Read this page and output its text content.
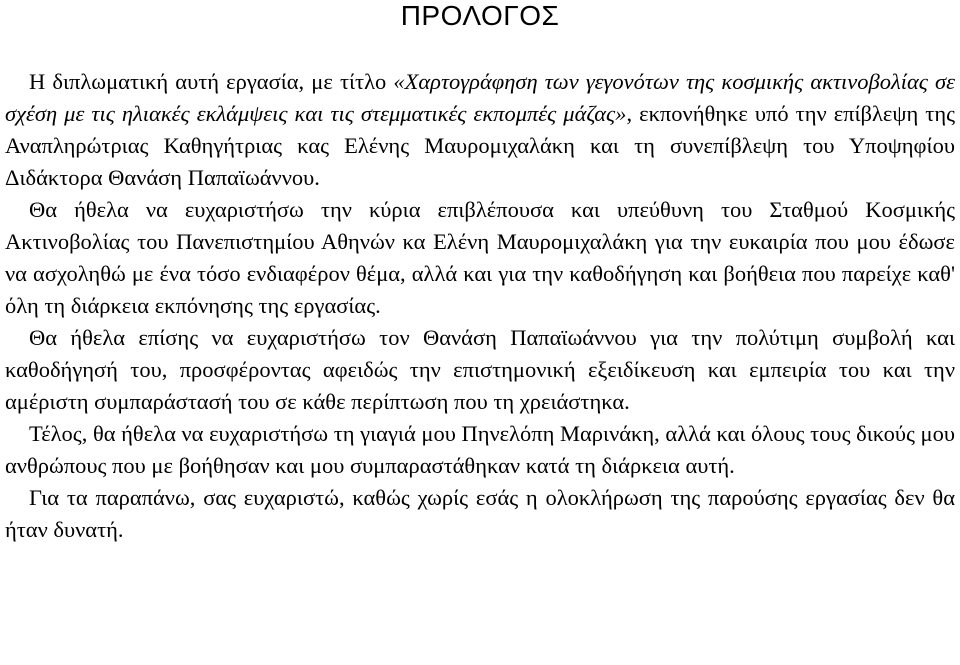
ΠΡΟΛΟΓΟΣ

Η διπλωματική αυτή εργασία, με τίτλο «Χαρτογράφηση των γεγονότων της κοσμικής ακτινοβολίας σε σχέση με τις ηλιακές εκλάμψεις και τις στεμματικές εκπομπές μάζας», εκπονήθηκε υπό την επίβλεψη της Αναπληρώτριας Καθηγήτριας κας Ελένης Μαυρομιχαλάκη και τη συνεπίβλεψη του Υποψηφίου Διδάκτορα Θανάση Παπαϊωάννου.

Θα ήθελα να ευχαριστήσω την κύρια επιβλέπουσα και υπεύθυνη του Σταθμού Κοσμικής Ακτινοβολίας του Πανεπιστημίου Αθηνών κα Ελένη Μαυρομιχαλάκη για την ευκαιρία που μου έδωσε να ασχοληθώ με ένα τόσο ενδιαφέρον θέμα, αλλά και για την καθοδήγηση και βοήθεια που παρείχε καθ' όλη τη διάρκεια εκπόνησης της εργασίας.

Θα ήθελα επίσης να ευχαριστήσω τον Θανάση Παπαϊωάννου για την πολύτιμη συμβολή και καθοδήγησή του, προσφέροντας αφειδώς την επιστημονική εξειδίκευση και εμπειρία του και την αμέριστη συμπαράστασή του σε κάθε περίπτωση που τη χρειάστηκα.

Τέλος, θα ήθελα να ευχαριστήσω τη γιαγιά μου Πηνελόπη Μαρινάκη, αλλά και όλους τους δικούς μου ανθρώπους που με βοήθησαν και μου συμπαραστάθηκαν κατά τη διάρκεια αυτή.

Για τα παραπάνω, σας ευχαριστώ, καθώς χωρίς εσάς η ολοκλήρωση της παρούσης εργασίας δεν θα ήταν δυνατή.
